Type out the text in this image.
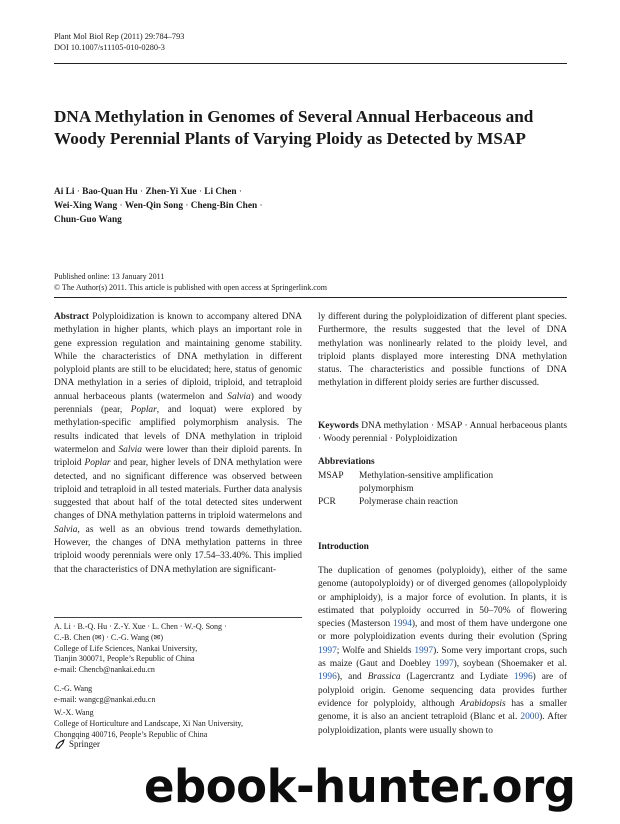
Plant Mol Biol Rep (2011) 29:784–793
DOI 10.1007/s11105-010-0280-3
DNA Methylation in Genomes of Several Annual Herbaceous and Woody Perennial Plants of Varying Ploidy as Detected by MSAP
Ai Li · Bao-Quan Hu · Zhen-Yi Xue · Li Chen ·
Wei-Xing Wang · Wen-Qin Song · Cheng-Bin Chen ·
Chun-Guo Wang
Published online: 13 January 2011
© The Author(s) 2011. This article is published with open access at Springerlink.com
Abstract Polyploidization is known to accompany altered DNA methylation in higher plants, which plays an important role in gene expression regulation and maintaining genome stability. While the characteristics of DNA methylation in different polyploid plants are still to be elucidated; here, status of genomic DNA methylation in a series of diploid, triploid, and tetraploid annual herbaceous plants (watermelon and Salvia) and woody perennials (pear, Poplar, and loquat) were explored by methylation-specific amplified polymorphism analysis. The results indicated that levels of DNA methylation in triploid watermelon and Salvia were lower than their diploid parents. In triploid Poplar and pear, higher levels of DNA methylation were detected, and no significant difference was observed between triploid and tetraploid in all tested materials. Further data analysis suggested that about half of the total detected sites underwent changes of DNA methylation patterns in triploid watermelons and Salvia, as well as an obvious trend towards demethylation. However, the changes of DNA methylation patterns in three triploid woody perennials were only 17.54–33.40%. This implied that the characteristics of DNA methylation are significant-
ly different during the polyploidization of different plant species. Furthermore, the results suggested that the level of DNA methylation was nonlinearly related to the ploidy level, and triploid plants displayed more interesting DNA methylation status. The characteristics and possible functions of DNA methylation in different ploidy series are further discussed.
Keywords DNA methylation · MSAP · Annual herbaceous plants · Woody perennial · Polyploidization
Abbreviations
MSAP Methylation-sensitive amplification polymorphism
PCR Polymerase chain reaction
Introduction
The duplication of genomes (polyploidy), either of the same genome (autopolyploidy) or of diverged genomes (allopolyploidy or amphiploidy), is a major force of evolution. In plants, it is estimated that polyploidy occurred in 50–70% of flowering species (Masterson 1994), and most of them have undergone one or more polyploidization events during their evolution (Spring 1997; Wolfe and Shields 1997). Some very important crops, such as maize (Gaut and Doebley 1997), soybean (Shoemaker et al. 1996), and Brassica (Lagercrantz and Lydiate 1996) are of polyploid origin. Genome sequencing data provides further evidence for polyploidy, although Arabidopsis has a smaller genome, it is also an ancient tetraploid (Blanc et al. 2000). After polyploidization, plants were usually shown to
A. Li · B.-Q. Hu · Z.-Y. Xue · L. Chen · W.-Q. Song ·
C.-B. Chen (✉) · C.-G. Wang (✉)
College of Life Sciences, Nankai University,
Tianjin 300071, People’s Republic of China
e-mail: Chencb@nankai.edu.cn
C.-G. Wang
e-mail: wangcg@nankai.edu.cn
W.-X. Wang
College of Horticulture and Landscape, Xi Nan University,
Chongqing 400716, People’s Republic of China
Springer
ebook-hunter.org
